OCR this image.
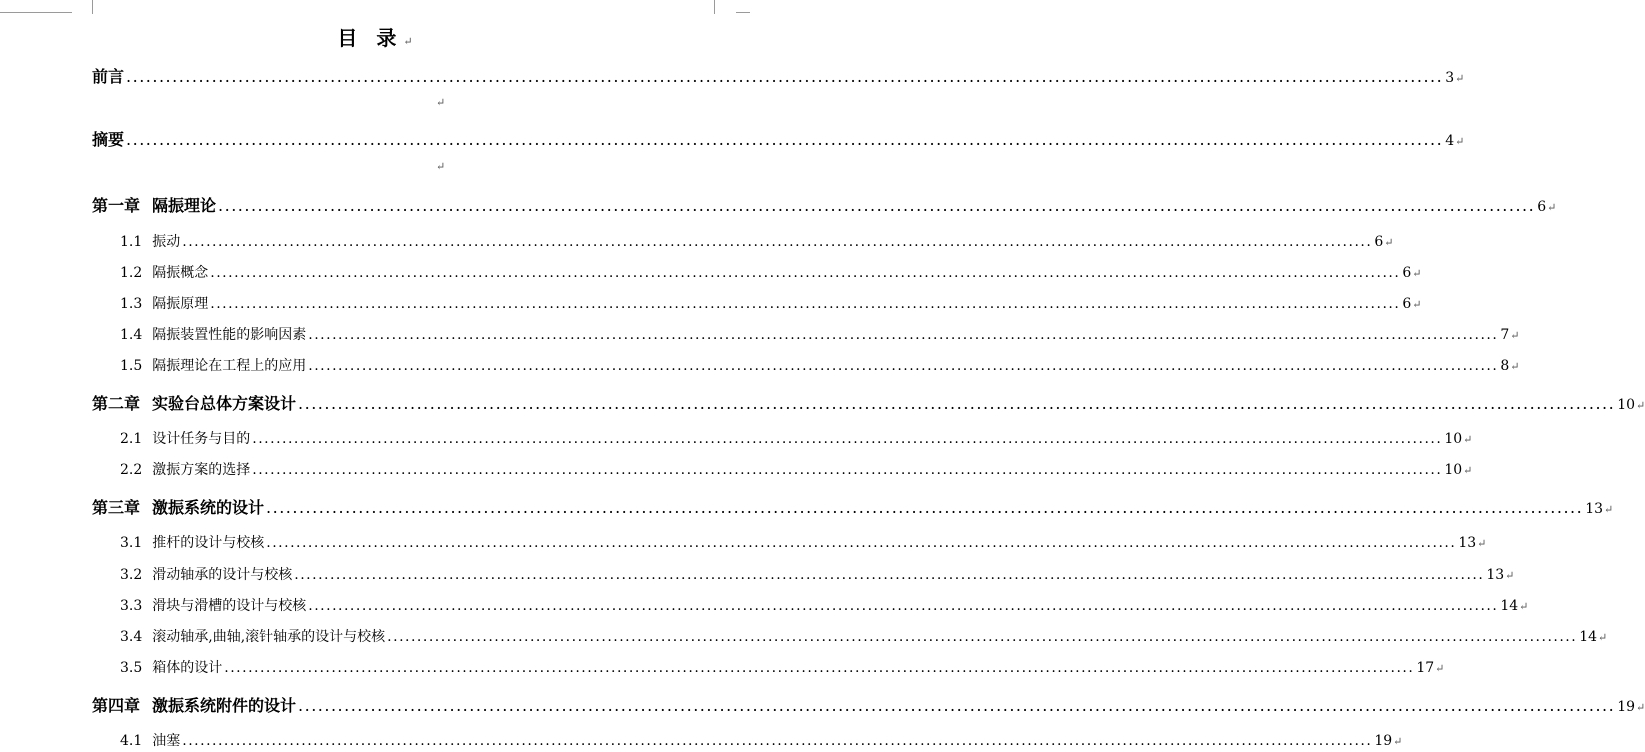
目 录↵
↵
↵
前言 ........................................................................................................................................................................................................ 3 ↵
摘要 ........................................................................................................................................................................................................ 4 ↵
第一章 隔振理论 ........................................................................................................................................................................................................ 6 ↵
1.1 振动 ........................................................................................................................................................................................................ 6 ↵
1.2 隔振概念 ........................................................................................................................................................................................................ 6 ↵
1.3 隔振原理 ........................................................................................................................................................................................................ 6 ↵
1.4 隔振装置性能的影响因素 ........................................................................................................................................................................................................ 7 ↵
1.5 隔振理论在工程上的应用 ........................................................................................................................................................................................................ 8 ↵
第二章 实验台总体方案设计 ........................................................................................................................................................................................................ 10 ↵
2.1 设计任务与目的 ........................................................................................................................................................................................................ 10 ↵
2.2 激振方案的选择 ........................................................................................................................................................................................................ 10 ↵
第三章 激振系统的设计 ........................................................................................................................................................................................................ 13 ↵
3.1 推杆的设计与校核 ........................................................................................................................................................................................................ 13 ↵
3.2 滑动轴承的设计与校核 ........................................................................................................................................................................................................ 13 ↵
3.3 滑块与滑槽的设计与校核 ........................................................................................................................................................................................................ 14 ↵
3.4 滚动轴承,曲轴,滚针轴承的设计与校核 ........................................................................................................................................................................................................ 14 ↵
3.5 箱体的设计 ........................................................................................................................................................................................................ 17 ↵
第四章 激振系统附件的设计 ........................................................................................................................................................................................................ 19 ↵
4.1 油塞 ........................................................................................................................................................................................................ 19 ↵
